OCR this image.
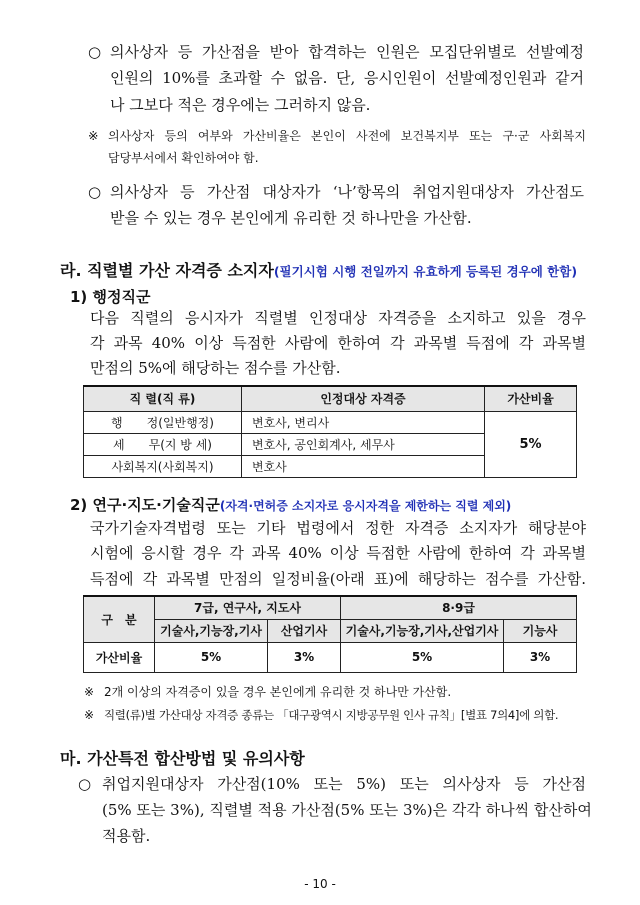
○ 의사상자 등 가산점을 받아 합격하는 인원은 모집단위별로 선발예정
인원의 10%를 초과할 수 없음. 단, 응시인원이 선발예정인원과 같거
나 그보다 적은 경우에는 그러하지 않음.
※ 의사상자 등의 여부와 가산비율은 본인이 사전에 보건복지부 또는 구·군 사회복지
담당부서에서 확인하여야 함.
○ 의사상자 등 가산점 대상자가 ‘나’항목의 취업지원대상자 가산점도
받을 수 있는 경우 본인에게 유리한 것 하나만을 가산함.
라. 직렬별 가산 자격증 소지자(필기시험 시행 전일까지 유효하게 등록된 경우에 한함)
1) 행정직군
다음 직렬의 응시자가 직렬별 인정대상 자격증을 소지하고 있을 경우
각 과목 40% 이상 득점한 사람에 한하여 각 과목별 득점에 각 과목별
만점의 5%에 해당하는 점수를 가산함.
직 렬(직 류)	인정대상 자격증	가산비율
행　　정(일반행정)	변호사, 변리사	5%
세　　무(지 방 세)	변호사, 공인회계사, 세무사	
사회복지(사회복지)	변호사	
2) 연구·지도·기술직군(자격·면허증 소지자로 응시자격을 제한하는 직렬 제외)
국가기술자격법령 또는 기타 법령에서 정한 자격증 소지자가 해당분야
시험에 응시할 경우 각 과목 40% 이상 득점한 사람에 한하여 각 과목별
득점에 각 과목별 만점의 일정비율(아래 표)에 해당하는 점수를 가산함.
구　분	7급, 연구사, 지도사		8·9급	
	기술사,기능장,기사	산업기사	기술사,기능장,기사,산업기사	기능사
가산비율	5%	3%	5%	3%
※ 2개 이상의 자격증이 있을 경우 본인에게 유리한 것 하나만 가산함.
※ 직렬(류)별 가산대상 자격증 종류는 「대구광역시 지방공무원 인사 규칙」[별표 7의4]에 의함.
마. 가산특전 합산방법 및 유의사항
○ 취업지원대상자 가산점(10% 또는 5%) 또는 의사상자 등 가산점
(5% 또는 3%), 직렬별 적용 가산점(5% 또는 3%)은 각각 하나씩 합산하여
적용함.
- 10 -
